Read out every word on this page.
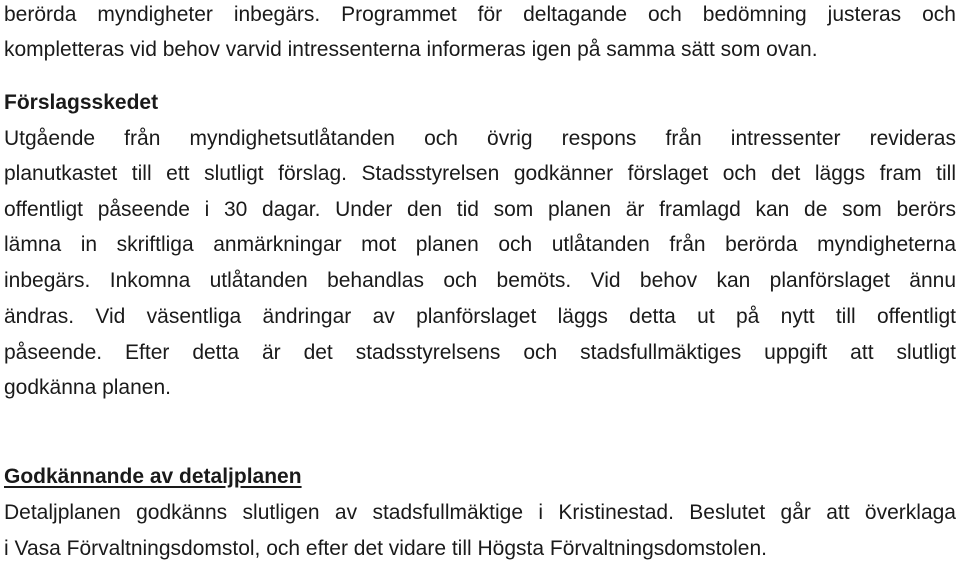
berörda myndigheter inbegärs. Programmet för deltagande och bedömning justeras och
kompletteras vid behov varvid intressenterna informeras igen på samma sätt som ovan.
Förslagsskedet
Utgående från myndighetsutlåtanden och övrig respons från intressenter revideras
planutkastet till ett slutligt förslag. Stadsstyrelsen godkänner förslaget och det läggs fram till
offentligt påseende i 30 dagar. Under den tid som planen är framlagd kan de som berörs
lämna in skriftliga anmärkningar mot planen och utlåtanden från berörda myndigheterna
inbegärs. Inkomna utlåtanden behandlas och bemöts. Vid behov kan planförslaget ännu
ändras. Vid väsentliga ändringar av planförslaget läggs detta ut på nytt till offentligt
påseende. Efter detta är det stadsstyrelsens och stadsfullmäktiges uppgift att slutligt
godkänna planen.
Godkännande av detaljplanen
Detaljplanen godkänns slutligen av stadsfullmäktige i Kristinestad. Beslutet går att överklaga
i Vasa Förvaltningsdomstol, och efter det vidare till Högsta Förvaltningsdomstolen.
